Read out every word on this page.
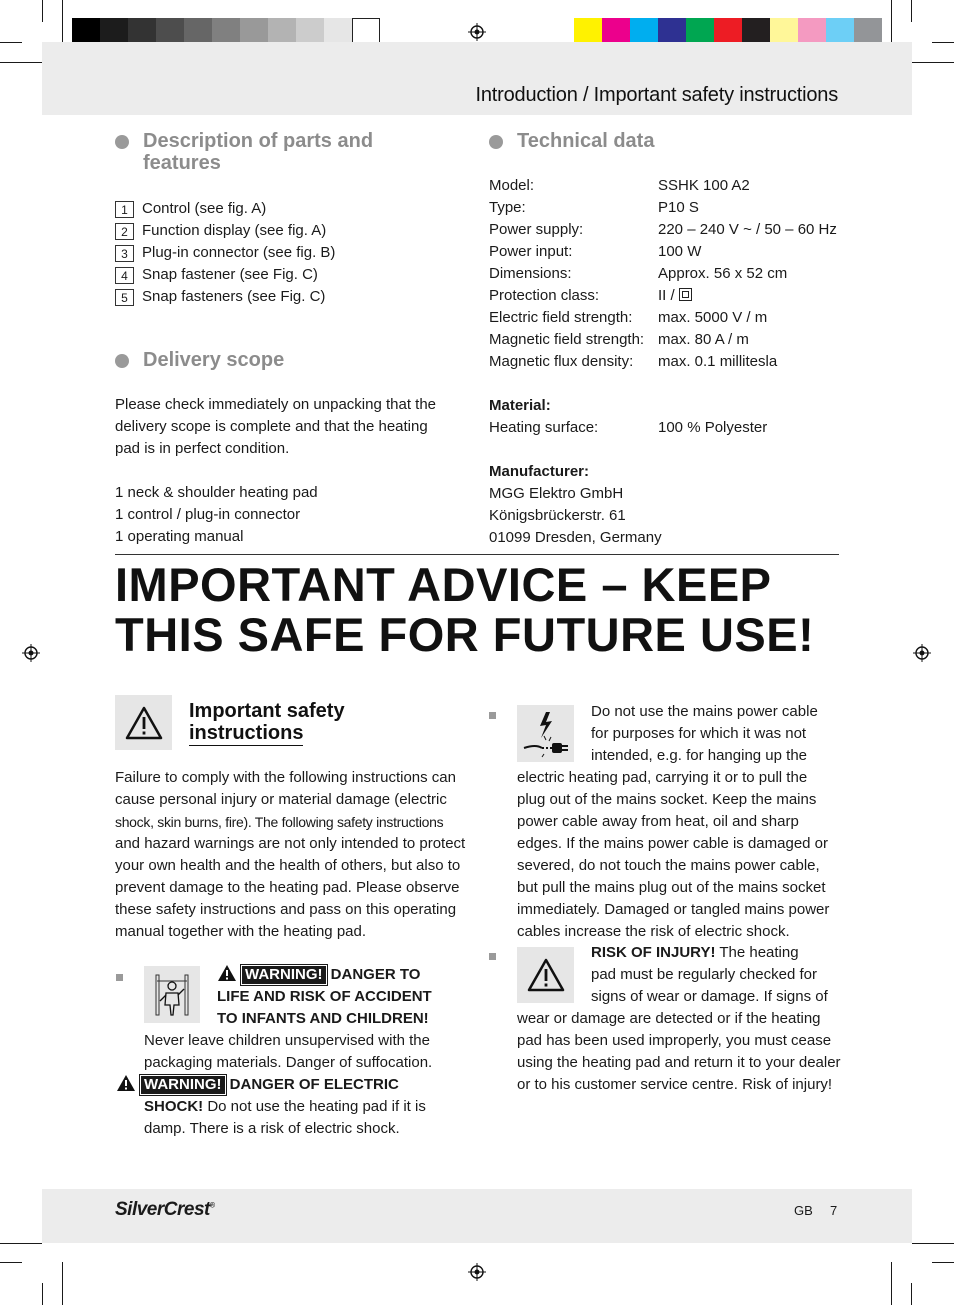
Introduction / Important safety instructions
Description of parts and
features
1 Control (see fig. A)
2 Function display (see fig. A)
3 Plug-in connector (see fig. B)
4 Snap fastener (see Fig. C)
5 Snap fasteners (see Fig. C)
Delivery scope
Please check immediately on unpacking that the
delivery scope is complete and that the heating
pad is in perfect condition.
1 neck & shoulder heating pad
1 control / plug-in connector
1 operating manual
Technical data
Model:	SSHK 100 A2
Type:	P10 S
Power supply:	220 – 240 V ~ / 50 – 60 Hz
Power input:	100 W
Dimensions:	Approx. 56 x 52 cm
Protection class:	II /
Electric field strength:	max. 5000 V / m
Magnetic field strength: max. 80 A / m
Magnetic flux density:	max. 0.1 millitesla
Material:
Heating surface:	100 % Polyester
Manufacturer:
MGG Elektro GmbH
Königsbrückerstr. 61
01099 Dresden, Germany
IMPORTANT ADVICE – KEEP
THIS SAFE FOR FUTURE USE!
Important safety
instructions
Failure to comply with the following instructions can
cause personal injury or material damage (electric
shock, skin burns, fire). The following safety instructions
and hazard warnings are not only intended to protect
your own health and the health of others, but also to
prevent damage to the heating pad. Please observe
these safety instructions and pass on this operating
manual together with the heating pad.
WARNING! DANGER TO
LIFE AND RISK OF ACCIDENT
TO INFANTS AND CHILDREN!
Never leave children unsupervised with the
packaging materials. Danger of suffocation.
WARNING! DANGER OF ELECTRIC
SHOCK! Do not use the heating pad if it is
damp. There is a risk of electric shock.
Do not use the mains power cable
for purposes for which it was not
intended, e.g. for hanging up the
electric heating pad, carrying it or to pull the
plug out of the mains socket. Keep the mains
power cable away from heat, oil and sharp
edges. If the mains power cable is damaged or
severed, do not touch the mains power cable,
but pull the mains plug out of the mains socket
immediately. Damaged or tangled mains power
cables increase the risk of electric shock.
RISK OF INJURY! The heating
pad must be regularly checked for
signs of wear or damage. If signs of
wear or damage are detected or if the heating
pad has been used improperly, you must cease
using the heating pad and return it to your dealer
or to his customer service centre. Risk of injury!
SilverCrest®	GB 7
